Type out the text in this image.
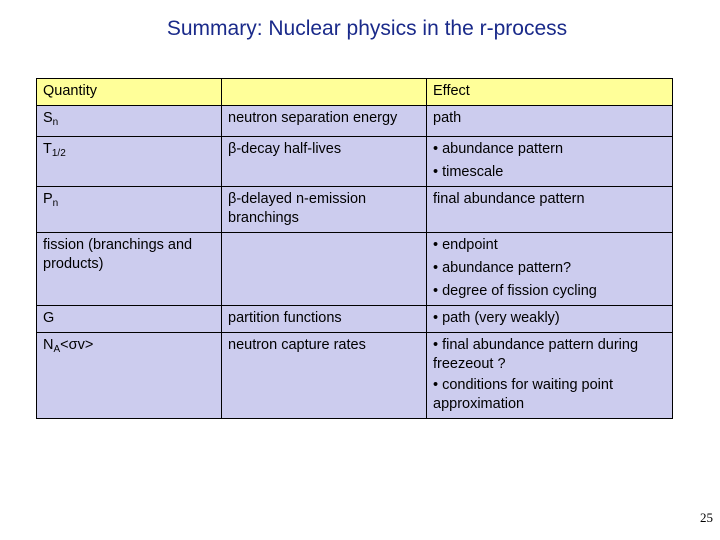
Summary: Nuclear physics in the r-process
Quantity		Effect
$S_n$	neutron separation energy	path
$T_{1/2}$	β-decay half-lives	• abundance pattern
• timescale

$P_n$	β-delayed n-emission branchings	final abundance pattern
fission (branchings and products)		• endpoint
• abundance pattern?
• degree of fission cycling

G	partition functions	• path (very weakly)
$N_A<\sigma v>$	neutron capture rates	• final abundance pattern during   freezeout ?
• conditions for waiting point approximation
25
